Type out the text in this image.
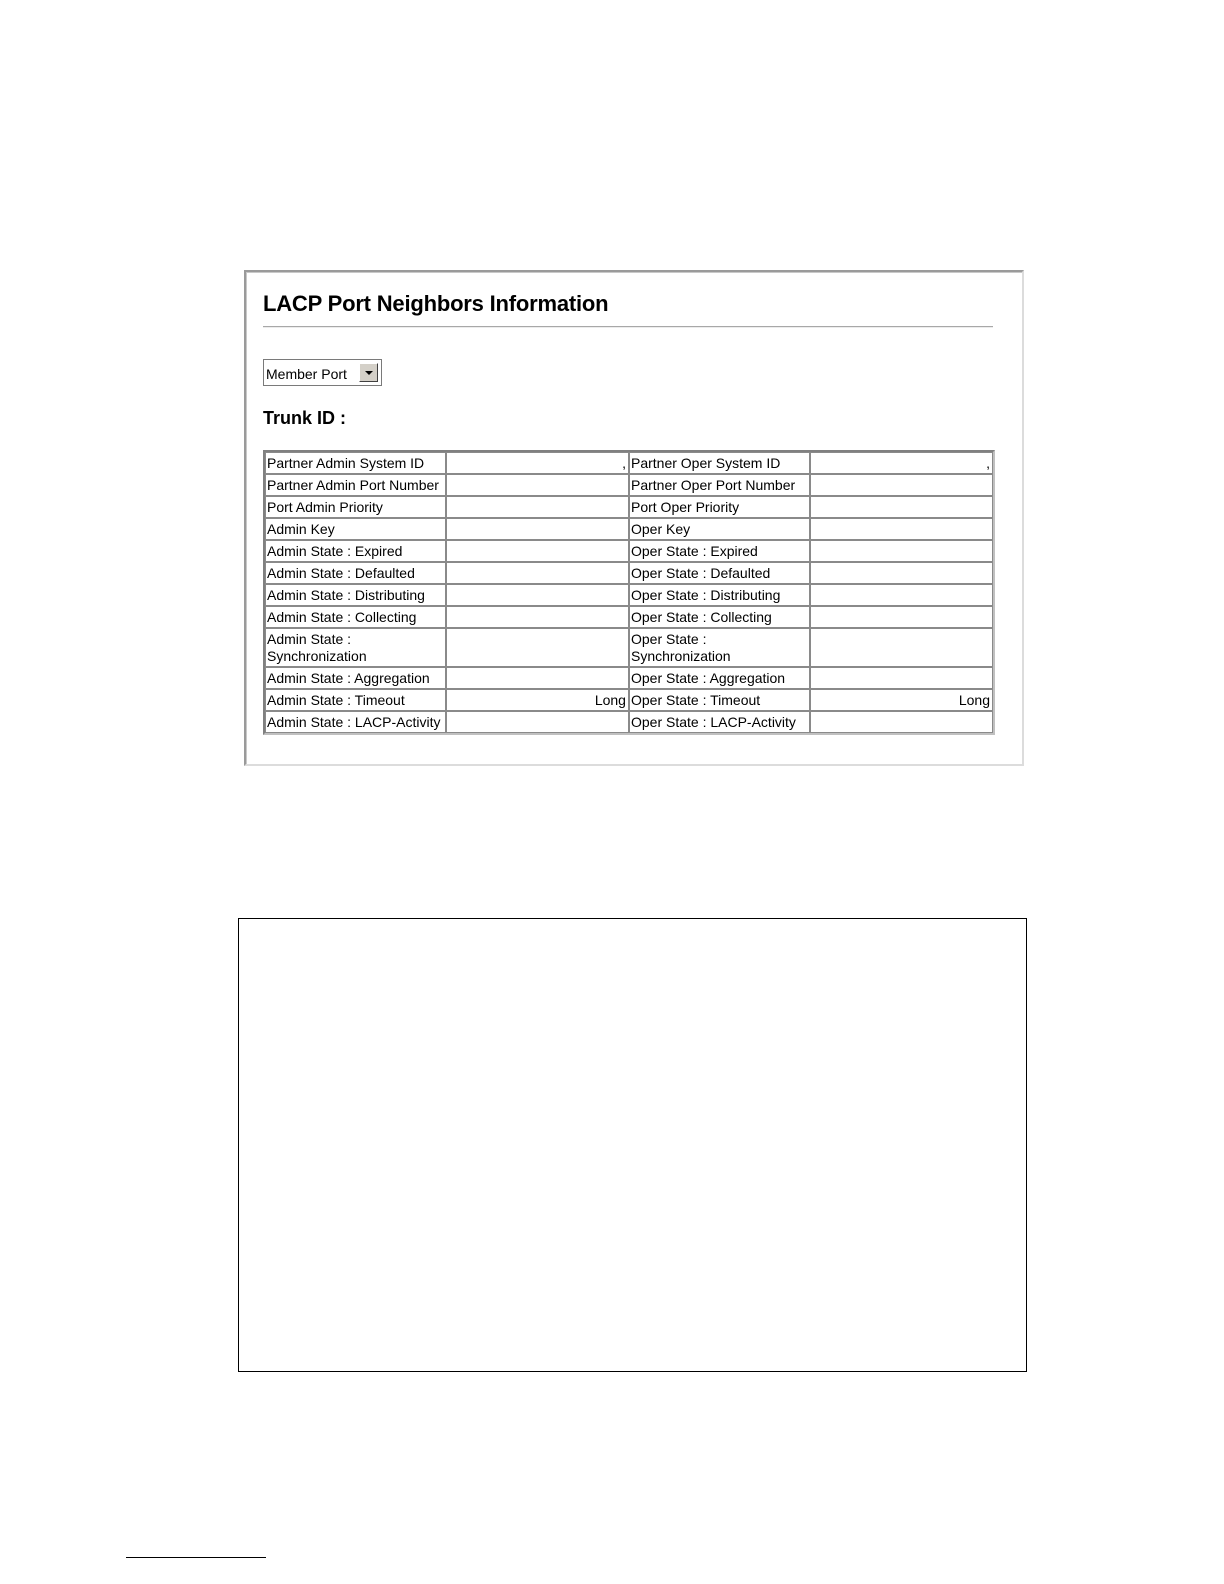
LACP Port Neighbors Information
Member Port
Trunk ID :
Partner Admin System ID	,	Partner Oper System ID	,
Partner Admin Port Number		Partner Oper Port Number	
Port Admin Priority		Port Oper Priority	
Admin Key		Oper Key	
Admin State : Expired		Oper State : Expired	
Admin State : Defaulted		Oper State : Defaulted	
Admin State : Distributing		Oper State : Distributing	
Admin State : Collecting		Oper State : Collecting	
Admin State : Synchronization		Oper State : Synchronization	
Admin State : Aggregation		Oper State : Aggregation	
Admin State : Timeout	Long	Oper State : Timeout	Long
Admin State : LACP-Activity		Oper State : LACP-Activity	
